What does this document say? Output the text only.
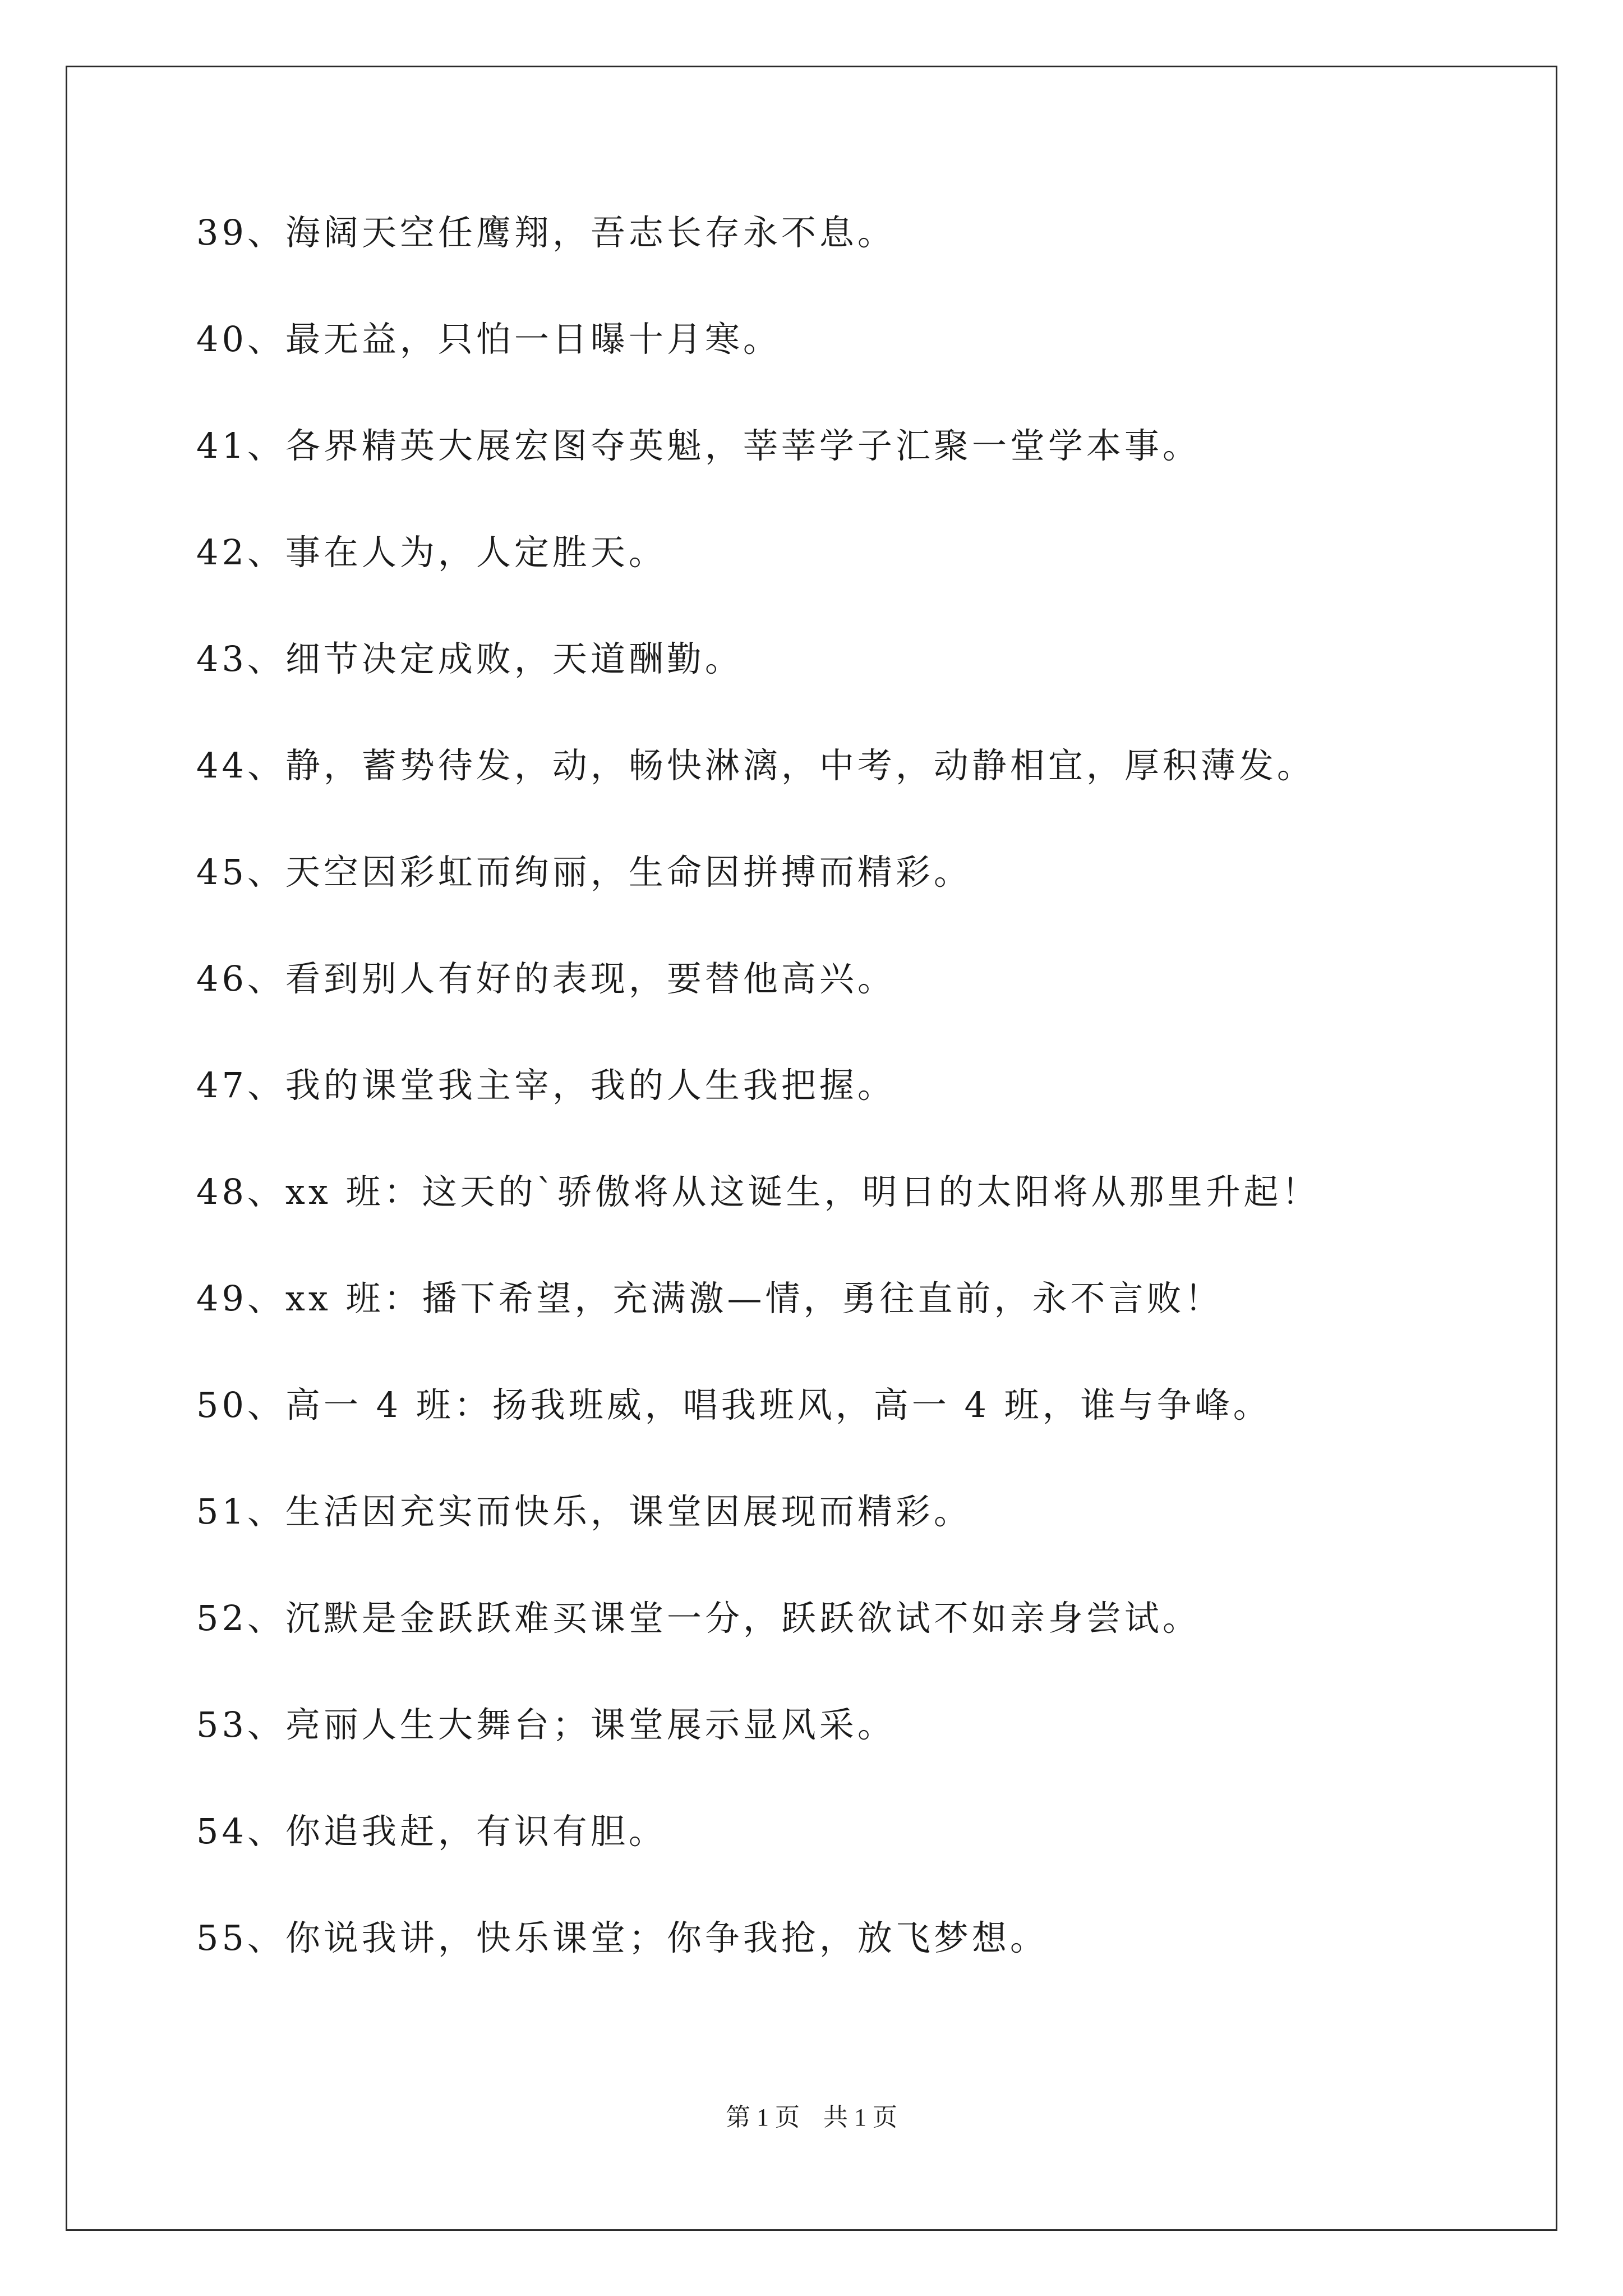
39、海阔天空任鹰翔，吾志长存永不息。
40、最无益，只怕一日曝十月寒。
41、各界精英大展宏图夺英魁，莘莘学子汇聚一堂学本事。
42、事在人为，人定胜天。
43、细节决定成败，天道酬勤。
44、静，蓄势待发，动，畅快淋漓，中考，动静相宜，厚积薄发。
45、天空因彩虹而绚丽，生命因拼搏而精彩。
46、看到别人有好的表现，要替他高兴。
47、我的课堂我主宰，我的人生我把握。
48、xx 班：这天的`骄傲将从这诞生，明日的太阳将从那里升起！
49、xx 班：播下希望，充满激—情，勇往直前，永不言败！
50、高一 4 班：扬我班威，唱我班风，高一 4 班，谁与争峰。
51、生活因充实而快乐，课堂因展现而精彩。
52、沉默是金跃跃难买课堂一分，跃跃欲试不如亲身尝试。
53、亮丽人生大舞台；课堂展示显风采。
54、你追我赶，有识有胆。
55、你说我讲，快乐课堂；你争我抢，放飞梦想。
第 1 页 共 1 页
